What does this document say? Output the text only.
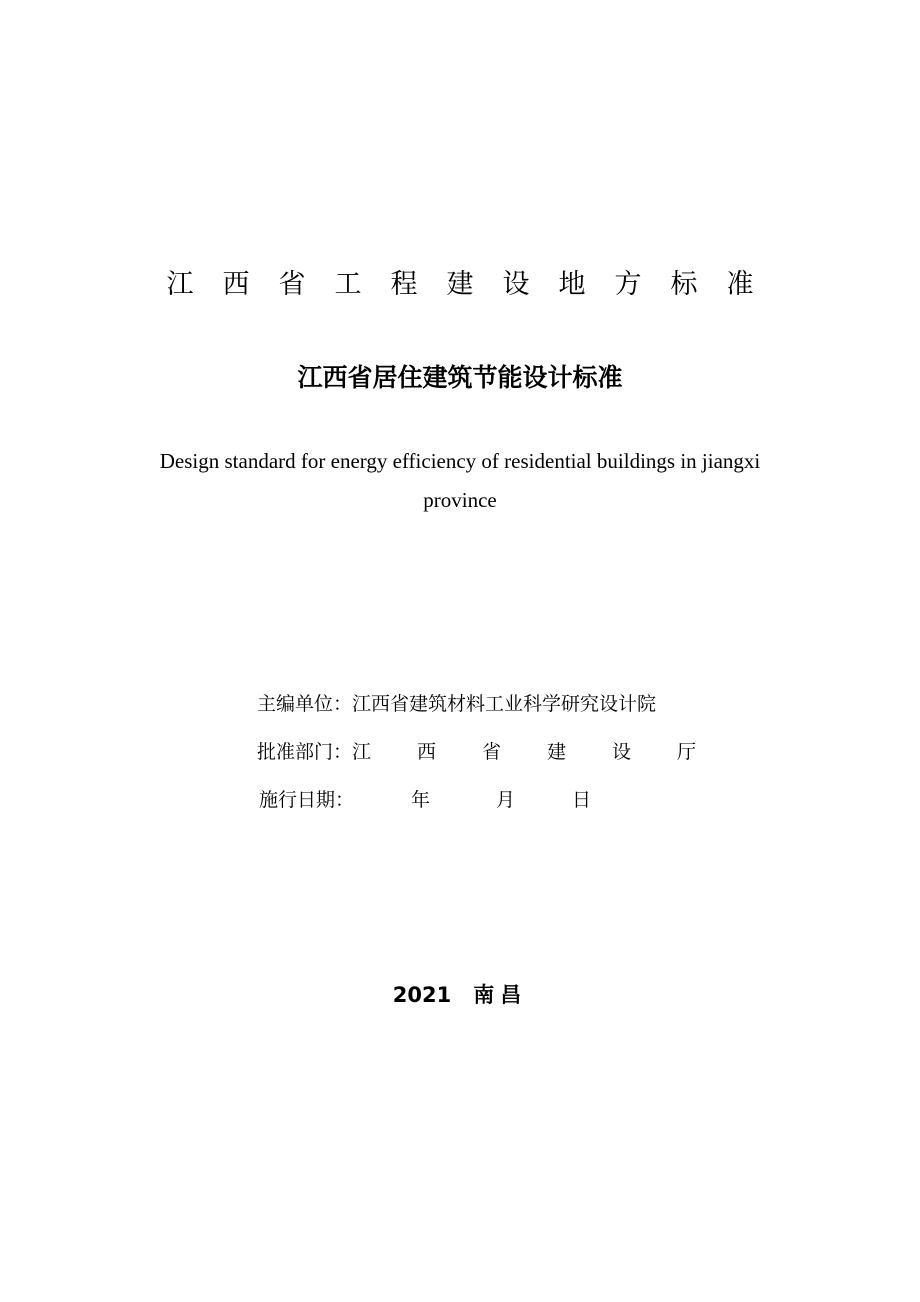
江	西	省	工	程	建	设	地	方	标	准
江西省居住建筑节能设计标准
Design standard for energy efficiency of residential buildings in jiangxi
province
主编单位：江西省建筑材料工业科学研究设计院
批准部门：江 西 省 建 设 厅
施行日期：	年	月	日
2021 南昌
